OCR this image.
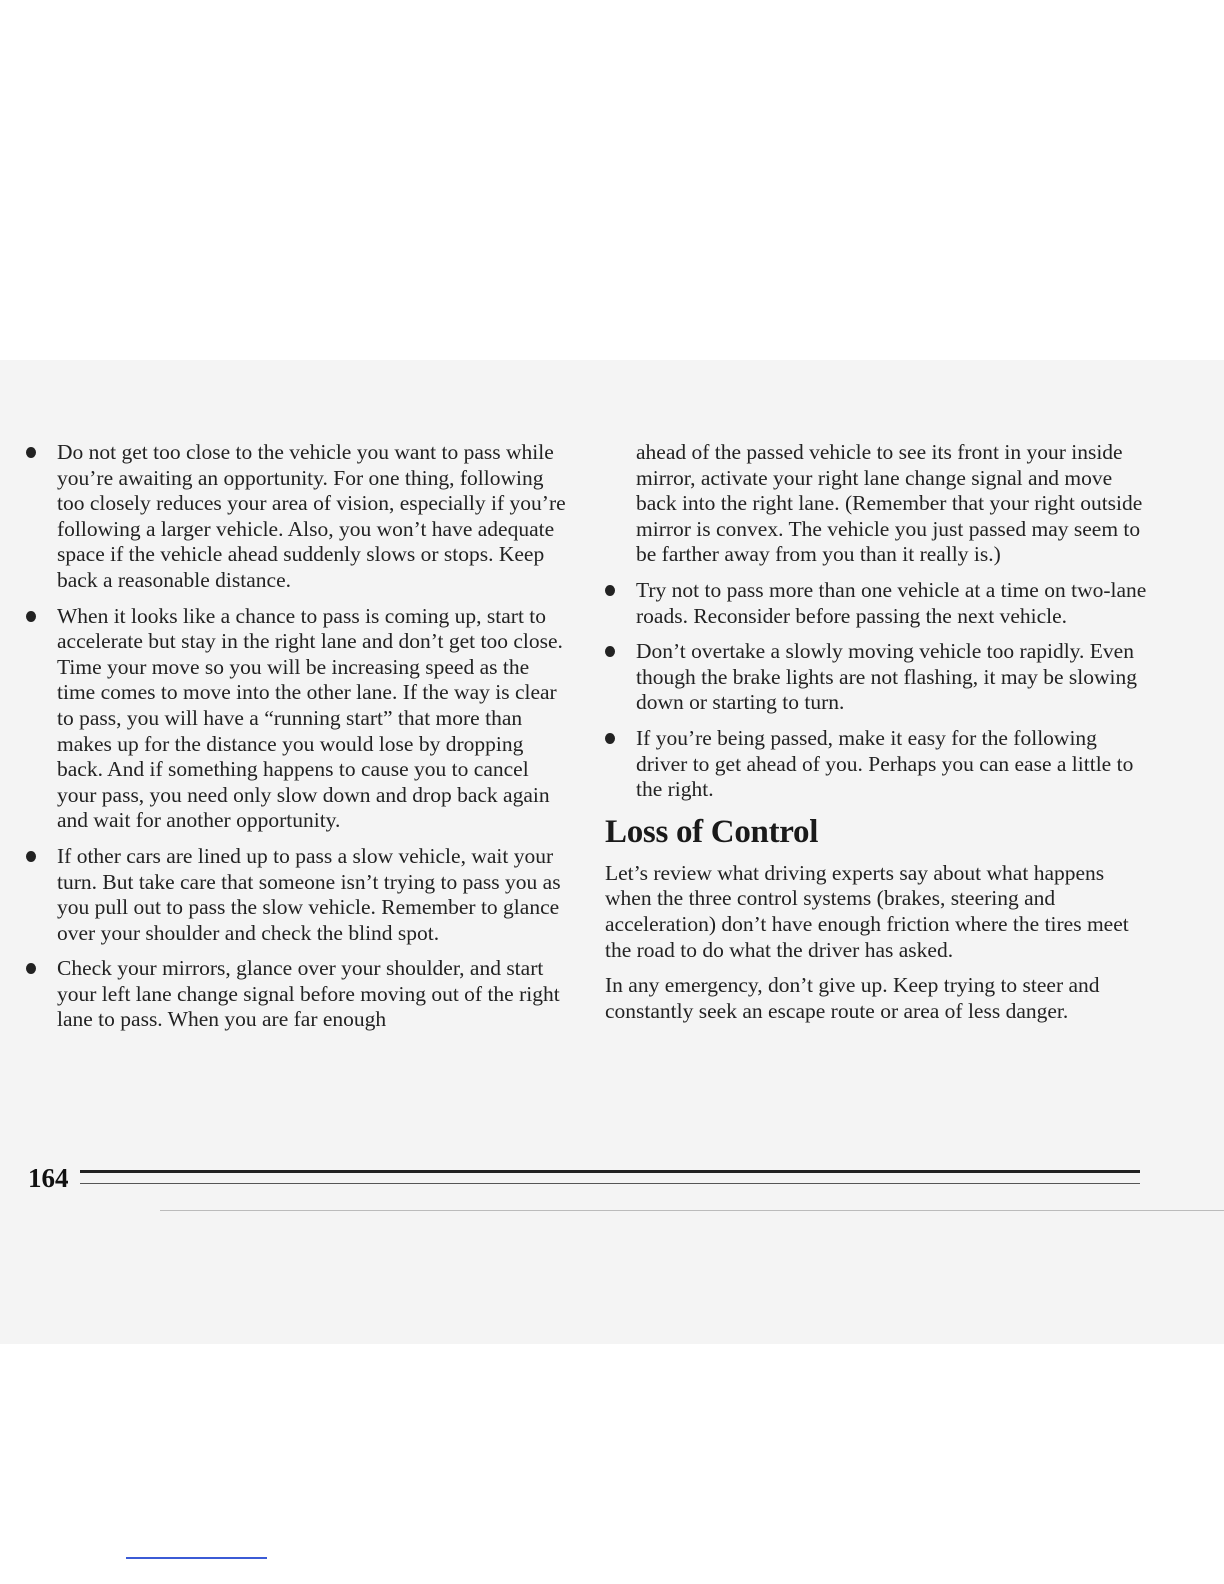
Do not get too close to the vehicle you want to pass while you’re awaiting an opportunity. For one thing, following too closely reduces your area of vision, especially if you’re following a larger vehicle. Also, you won’t have adequate space if the vehicle ahead suddenly slows or stops. Keep back a reasonable distance.

When it looks like a chance to pass is coming up, start to accelerate but stay in the right lane and don’t get too close. Time your move so you will be increasing speed as the time comes to move into the other lane. If the way is clear to pass, you will have a “running start” that more than makes up for the distance you would lose by dropping back. And if something happens to cause you to cancel your pass, you need only slow down and drop back again and wait for another opportunity.

If other cars are lined up to pass a slow vehicle, wait your turn. But take care that someone isn’t trying to pass you as you pull out to pass the slow vehicle. Remember to glance over your shoulder and check the blind spot.

Check your mirrors, glance over your shoulder, and start your left lane change signal before moving out of the right lane to pass. When you are far enough

ahead of the passed vehicle to see its front in your inside mirror, activate your right lane change signal and move back into the right lane. (Remember that your right outside mirror is convex. The vehicle you just passed may seem to be farther away from you than it really is.)

Try not to pass more than one vehicle at a time on two-lane roads. Reconsider before passing the next vehicle.

Don’t overtake a slowly moving vehicle too rapidly. Even though the brake lights are not flashing, it may be slowing down or starting to turn.

If you’re being passed, make it easy for the following driver to get ahead of you. Perhaps you can ease a little to the right.

Loss of Control

Let’s review what driving experts say about what happens when the three control systems (brakes, steering and acceleration) don’t have enough friction where the tires meet the road to do what the driver has asked.

In any emergency, don’t give up. Keep trying to steer and constantly seek an escape route or area of less danger.

164
